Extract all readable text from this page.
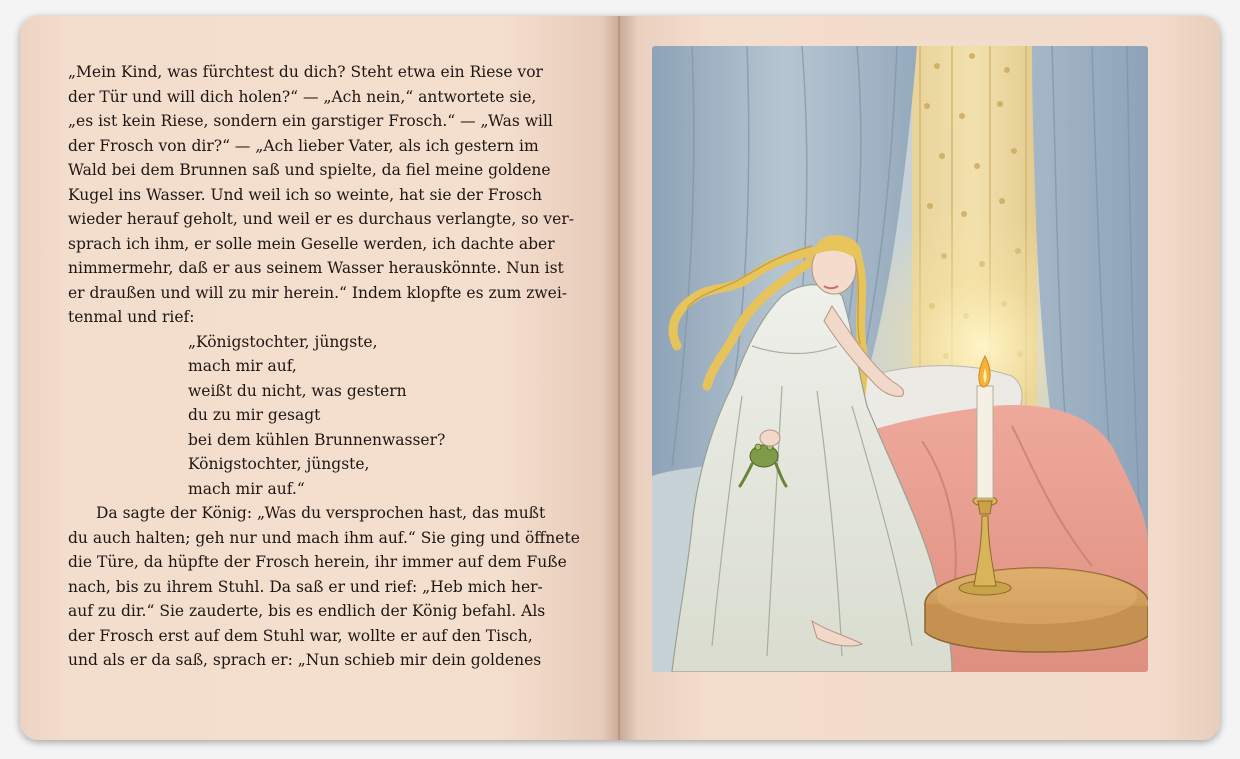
„Mein Kind, was fürchtest du dich? Steht etwa ein Riese vor
der Tür und will dich holen?“ — „Ach nein,“ antwortete sie,
„es ist kein Riese, sondern ein garstiger Frosch.“ — „Was will
der Frosch von dir?“ — „Ach lieber Vater, als ich gestern im
Wald bei dem Brunnen saß und spielte, da fiel meine goldene
Kugel ins Wasser. Und weil ich so weinte, hat sie der Frosch
wieder herauf geholt, und weil er es durchaus verlangte, so ver-
sprach ich ihm, er solle mein Geselle werden, ich dachte aber
nimmermehr, daß er aus seinem Wasser herauskönnte. Nun ist
er draußen und will zu mir herein.“ Indem klopfte es zum zwei-
tenmal und rief:

„Königstochter, jüngste,
mach mir auf,
weißt du nicht, was gestern
du zu mir gesagt
bei dem kühlen Brunnenwasser?
Königstochter, jüngste,
mach mir auf.“

Da sagte der König: „Was du versprochen hast, das mußt
du auch halten; geh nur und mach ihm auf.“ Sie ging und öffnete
die Türe, da hüpfte der Frosch herein, ihr immer auf dem Fuße
nach, bis zu ihrem Stuhl. Da saß er und rief: „Heb mich her-
auf zu dir.“ Sie zauderte, bis es endlich der König befahl. Als
der Frosch erst auf dem Stuhl war, wollte er auf den Tisch,
und als er da saß, sprach er: „Nun schieb mir dein goldenes
